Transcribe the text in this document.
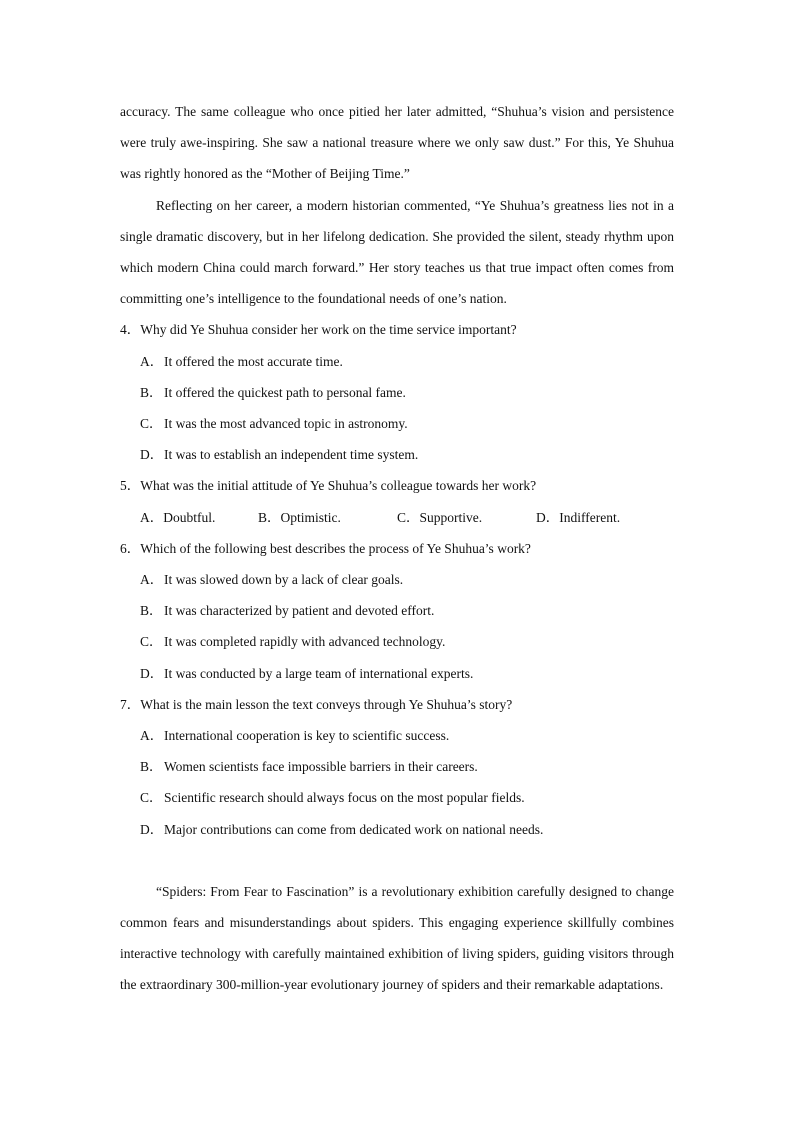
accuracy. The same colleague who once pitied her later admitted, “Shuhua’s vision and persistence were truly awe-inspiring. She saw a national treasure where we only saw dust.” For this, Ye Shuhua was rightly honored as the “Mother of Beijing Time.”

Reflecting on her career, a modern historian commented, “Ye Shuhua’s greatness lies not in a single dramatic discovery, but in her lifelong dedication. She provided the silent, steady rhythm upon which modern China could march forward.” Her story teaches us that true impact often comes from committing one’s intelligence to the foundational needs of one’s nation.

4．Why did Ye Shuhua consider her work on the time service important?

A．It offered the most accurate time.

B．It offered the quickest path to personal fame.

C．It was the most advanced topic in astronomy.

D．It was to establish an independent time system.

5．What was the initial attitude of Ye Shuhua’s colleague towards her work?

A．Doubtful.	B．Optimistic.	C．Supportive.	D．Indifferent.

6．Which of the following best describes the process of Ye Shuhua’s work?

A．It was slowed down by a lack of clear goals.

B．It was characterized by patient and devoted effort.

C．It was completed rapidly with advanced technology.

D．It was conducted by a large team of international experts.

7．What is the main lesson the text conveys through Ye Shuhua’s story?

A．International cooperation is key to scientific success.

B．Women scientists face impossible barriers in their careers.

C．Scientific research should always focus on the most popular fields.

D．Major contributions can come from dedicated work on national needs.

“Spiders: From Fear to Fascination” is a revolutionary exhibition carefully designed to change common fears and misunderstandings about spiders. This engaging experience skillfully combines interactive technology with carefully maintained exhibition of living spiders, guiding visitors through the extraordinary 300-million-year evolutionary journey of spiders and their remarkable adaptations.
